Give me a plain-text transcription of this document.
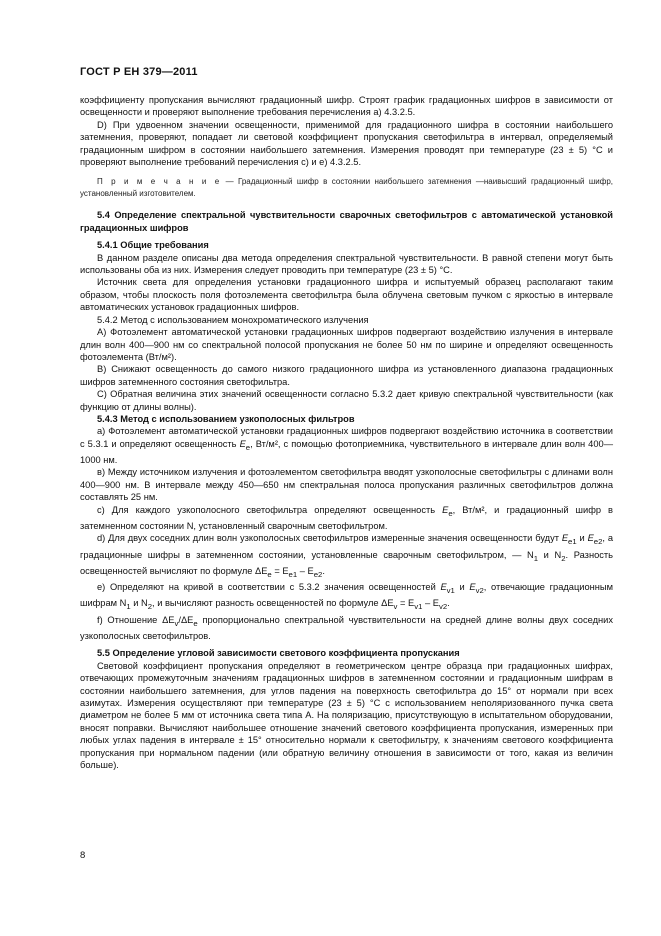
ГОСТ Р ЕН 379—2011

коэффициенту пропускания вычисляют градационный шифр. Строят график градационных шифров в зависимости от освещенности и проверяют выполнение требования перечисления а) 4.3.2.5.

D) При удвоенном значении освещенности, применимой для градационного шифра в состоянии наибольшего затемнения, проверяют, попадает ли световой коэффициент пропускания светофильтра в интервал, определяемый градационным шифром в состоянии наибольшего затемнения. Измерения проводят при температуре (23 ± 5) °С и проверяют выполнение требований перечисления с) и е) 4.3.2.5.

П р и м е ч а н и е — Градационный шифр в состоянии наибольшего затемнения —наивысший градационный шифр, установленный изготовителем.

5.4 Определение спектральной чувствительности сварочных светофильтров с автоматической установкой градационных шифров

5.4.1 Общие требования

В данном разделе описаны два метода определения спектральной чувствительности. В равной степени могут быть использованы оба из них. Измерения следует проводить при температуре (23 ± 5) °С.

Источник света для определения установки градационного шифра и испытуемый образец располагают таким образом, чтобы плоскость поля фотоэлемента светофильтра была облучена световым пучком с яркостью в интервале автоматических установок градационных шифров.

5.4.2 Метод с использованием монохроматического излучения

А) Фотоэлемент автоматической установки градационных шифров подвергают воздействию излучения в интервале длин волн 400—900 нм со спектральной полосой пропускания не более 50 нм по ширине и определяют освещенность фотоэлемента (Вт/м²).

В) Снижают освещенность до самого низкого градационного шифра из установленного диапазона градационных шифров затемненного состояния светофильтра.

С) Обратная величина этих значений освещенности согласно 5.3.2 дает кривую спектральной чувствительности (как функцию от длины волны).

5.4.3 Метод с использованием узкополосных фильтров

а) Фотоэлемент автоматической установки градационных шифров подвергают воздействию источника в соответствии с 5.3.1 и определяют освещенность $E_e$, Вт/м², с помощью фотоприемника, чувствительного в интервале длин волн 400—1000 нм.

в) Между источником излучения и фотоэлементом светофильтра вводят узкополосные светофильтры с длинами волн 400—900 нм. В интервале между 450—650 нм спектральная полоса пропускания различных светофильтров должна составлять 25 нм.

с) Для каждого узкополосного светофильтра определяют освещенность $E_e$, Вт/м², и градационный шифр в затемненном состоянии N, установленный сварочным светофильтром.

d) Для двух соседних длин волн узкополосных светофильтров измеренные значения освещенности будут $E_{e1}$ и $E_{e2}$, а градационные шифры в затемненном состоянии, установленные сварочным светофильтром, — $N_1$ и $N_2$. Разность освещенностей вычисляют по формуле $\Delta E_e = E_{e1} - E_{e2}$.

е) Определяют на кривой в соответствии с 5.3.2 значения освещенностей $E_{v1}$ и $E_{v2}$, отвечающие градационным шифрам $N_1$ и $N_2$, и вычисляют разность освещенностей по формуле $\Delta E_v = E_{v1} - E_{v2}$.

f) Отношение $\Delta E_v/\Delta E_e$ пропорционально спектральной чувствительности на средней длине волны двух соседних узкополосных светофильтров.

5.5 Определение угловой зависимости светового коэффициента пропускания

Световой коэффициент пропускания определяют в геометрическом центре образца при градационных шифрах, отвечающих промежуточным значениям градационных шифров в затемненном состоянии и градационным шифрам в состоянии наибольшего затемнения, для углов падения на поверхность светофильтра до 15° от нормали при всех азимутах. Измерения осуществляют при температуре (23 ± 5) °С с использованием неполяризованного пучка света диаметром не более 5 мм от источника света типа А. На поляризацию, присутствующую в испытательном оборудовании, вносят поправки. Вычисляют наибольшее отношение значений светового коэффициента пропускания, измеренных при любых углах падения в интервале ± 15° относительно нормали к светофильтру, к значениям светового коэффициента пропускания при нормальном падении (или обратную величину отношения в зависимости от того, какая из величин больше).

8
